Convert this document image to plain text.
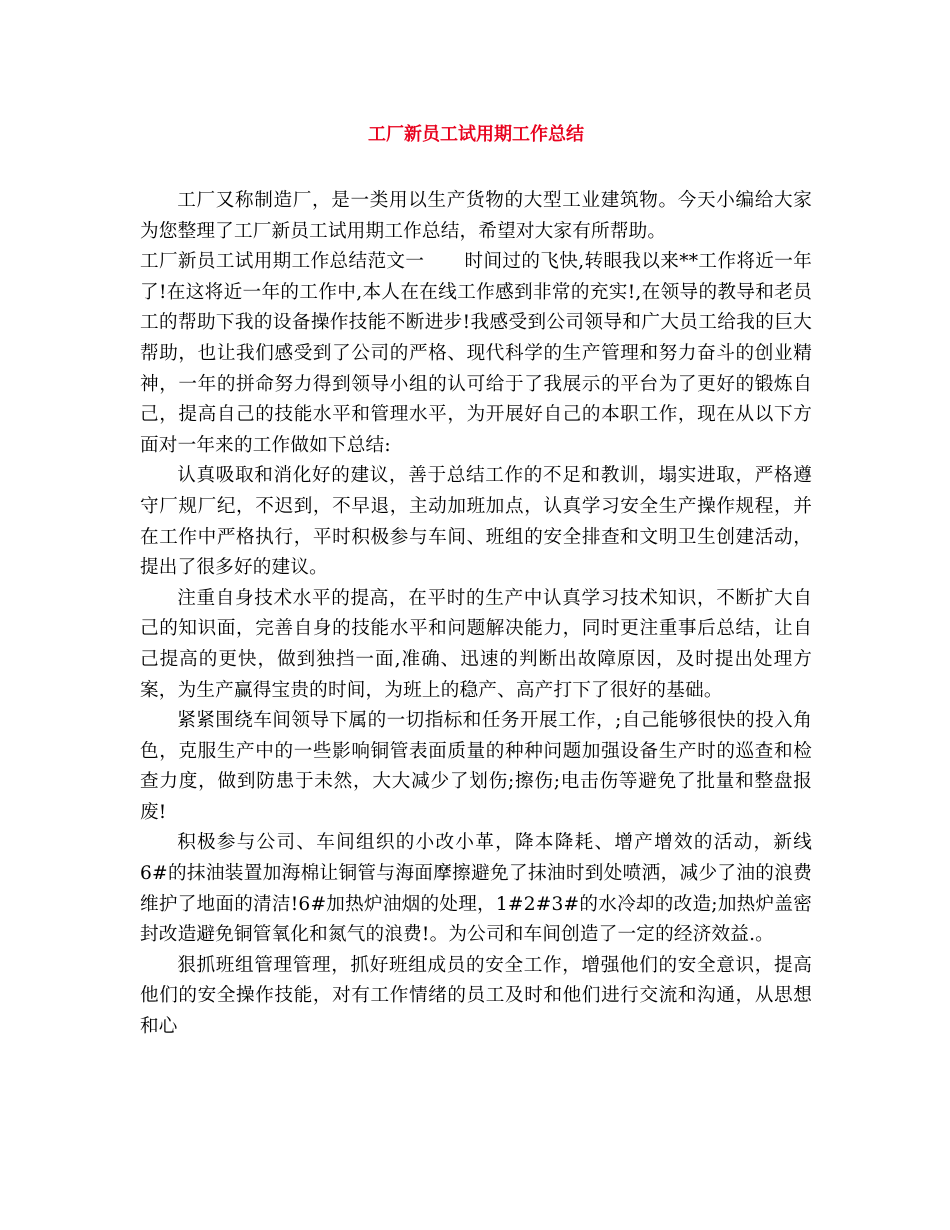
工厂新员工试用期工作总结

工厂又称制造厂，是一类用以生产货物的大型工业建筑物。今天小编给大家为您整理了工厂新员工试用期工作总结，希望对大家有所帮助。

工厂新员工试用期工作总结范文一 时间过的飞快,转眼我以来**工作将近一年了!在这将近一年的工作中,本人在在线工作感到非常的充实!,在领导的教导和老员工的帮助下我的设备操作技能不断进步!我感受到公司领导和广大员工给我的巨大帮助，也让我们感受到了公司的严格、现代科学的生产管理和努力奋斗的创业精神，一年的拼命努力得到领导小组的认可给于了我展示的平台为了更好的锻炼自己，提高自己的技能水平和管理水平，为开展好自己的本职工作，现在从以下方面对一年来的工作做如下总结:

认真吸取和消化好的建议，善于总结工作的不足和教训，塌实进取，严格遵守厂规厂纪，不迟到，不早退，主动加班加点，认真学习安全生产操作规程，并在工作中严格执行，平时积极参与车间、班组的安全排查和文明卫生创建活动，提出了很多好的建议。

注重自身技术水平的提高，在平时的生产中认真学习技术知识，不断扩大自己的知识面，完善自身的技能水平和问题解决能力，同时更注重事后总结，让自己提高的更快，做到独挡一面,准确、迅速的判断出故障原因，及时提出处理方案，为生产赢得宝贵的时间，为班上的稳产、高产打下了很好的基础。

紧紧围绕车间领导下属的一切指标和任务开展工作，;自己能够很快的投入角色，克服生产中的一些影响铜管表面质量的种种问题加强设备生产时的巡查和检查力度，做到防患于未然，大大减少了划伤;擦伤;电击伤等避免了批量和整盘报废!

积极参与公司、车间组织的小改小革，降本降耗、增产增效的活动，新线 6#的抹油装置加海棉让铜管与海面摩擦避免了抹油时到处喷洒，减少了油的浪费维护了地面的清洁!6#加热炉油烟的处理，1#2#3#的水冷却的改造;加热炉盖密封改造避免铜管氧化和氮气的浪费!。为公司和车间创造了一定的经济效益.。

狠抓班组管理管理，抓好班组成员的安全工作，增强他们的安全意识，提高他们的安全操作技能，对有工作情绪的员工及时和他们进行交流和沟通，从思想和心
